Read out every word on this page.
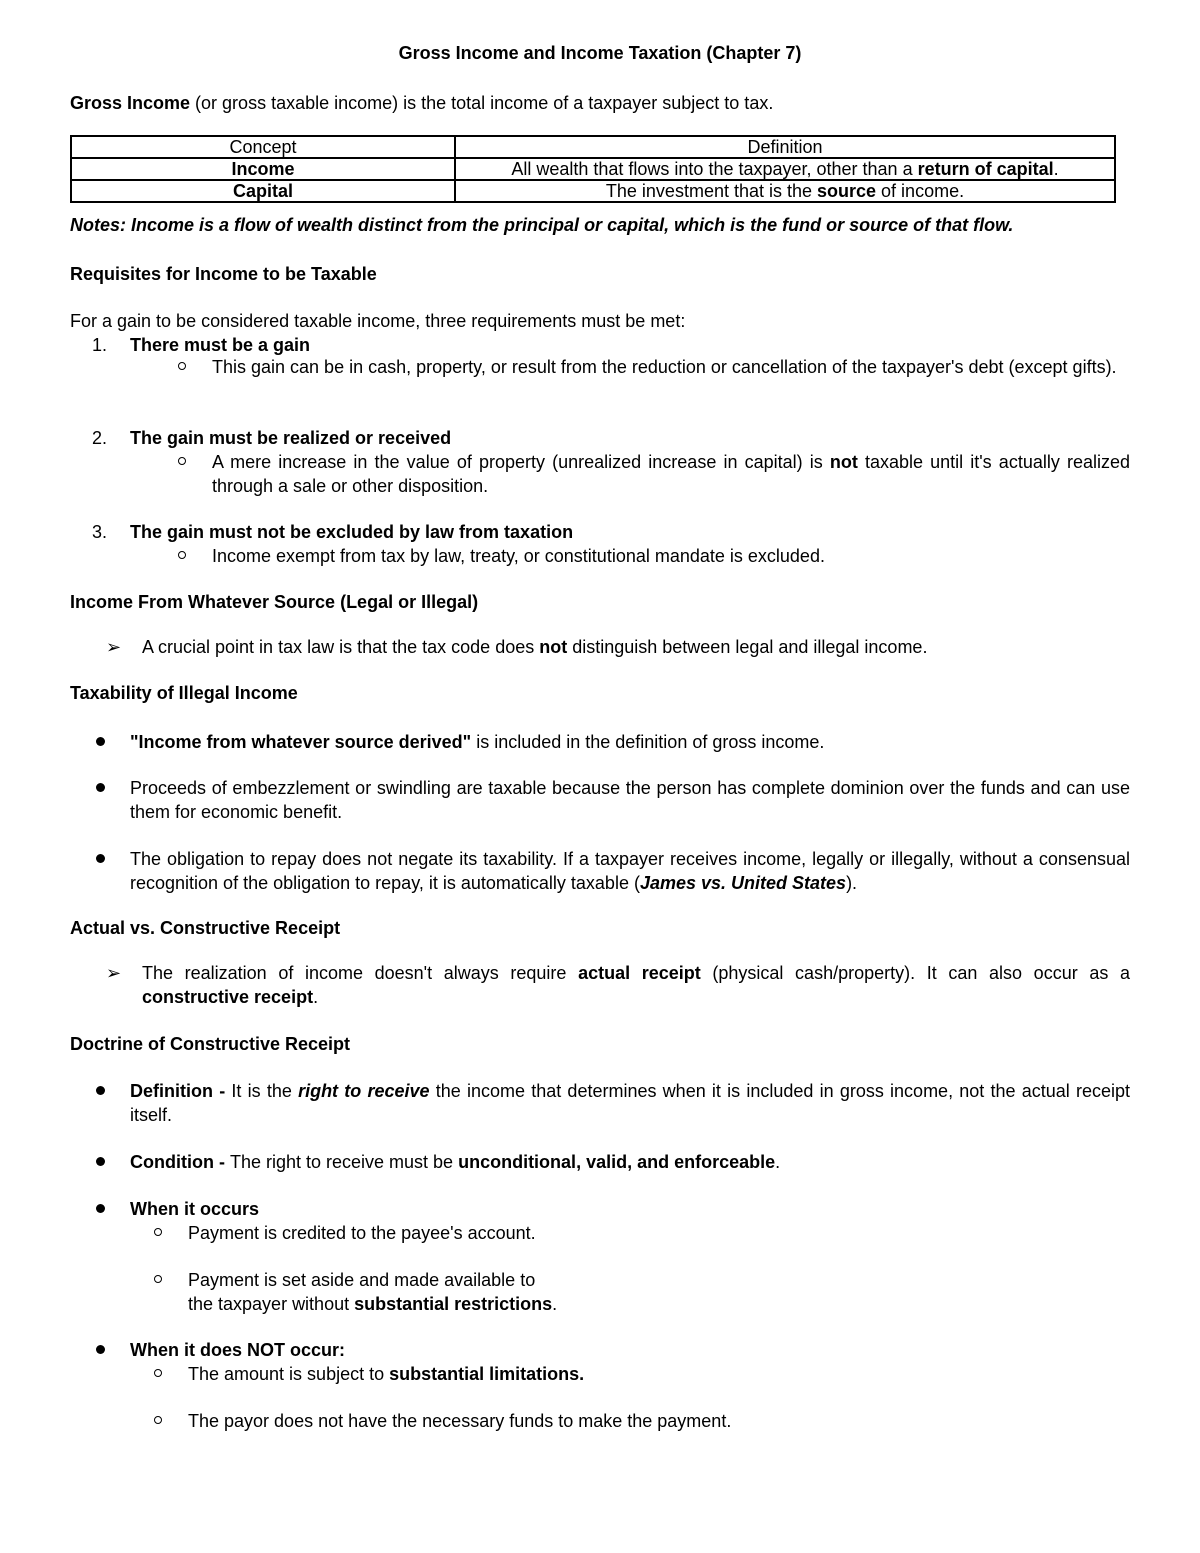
Gross Income and Income Taxation (Chapter 7)
Gross Income (or gross taxable income) is the total income of a taxpayer subject to tax.
Concept	Definition
Income	All wealth that flows into the taxpayer, other than a return of capital.
Capital	The investment that is the source of income.
Notes: Income is a flow of wealth distinct from the principal or capital, which is the fund or source of that flow.
Requisites for Income to be Taxable
For a gain to be considered taxable income, three requirements must be met:
1. There must be a gain
This gain can be in cash, property, or result from the reduction or cancellation of the taxpayer's debt (except gifts).
2. The gain must be realized or received
A mere increase in the value of property (unrealized increase in capital) is not taxable until it's actually realized through a sale or other disposition.
3. The gain must not be excluded by law from taxation
Income exempt from tax by law, treaty, or constitutional mandate is excluded.
Income From Whatever Source (Legal or Illegal)
➢ A crucial point in tax law is that the tax code does not distinguish between legal and illegal income.
Taxability of Illegal Income
"Income from whatever source derived" is included in the definition of gross income.
Proceeds of embezzlement or swindling are taxable because the person has complete dominion over the funds and can use them for economic benefit.
The obligation to repay does not negate its taxability. If a taxpayer receives income, legally or illegally, without a consensual recognition of the obligation to repay, it is automatically taxable (James vs. United States).
Actual vs. Constructive Receipt
➢ The realization of income doesn't always require actual receipt (physical cash/property). It can also occur as a constructive receipt.
Doctrine of Constructive Receipt
Definition - It is the right to receive the income that determines when it is included in gross income, not the actual receipt itself.
Condition - The right to receive must be unconditional, valid, and enforceable.
When it occurs
Payment is credited to the payee's account.
Payment is set aside and made available to
the taxpayer without substantial restrictions.
When it does NOT occur:
The amount is subject to substantial limitations.
The payor does not have the necessary funds to make the payment.
